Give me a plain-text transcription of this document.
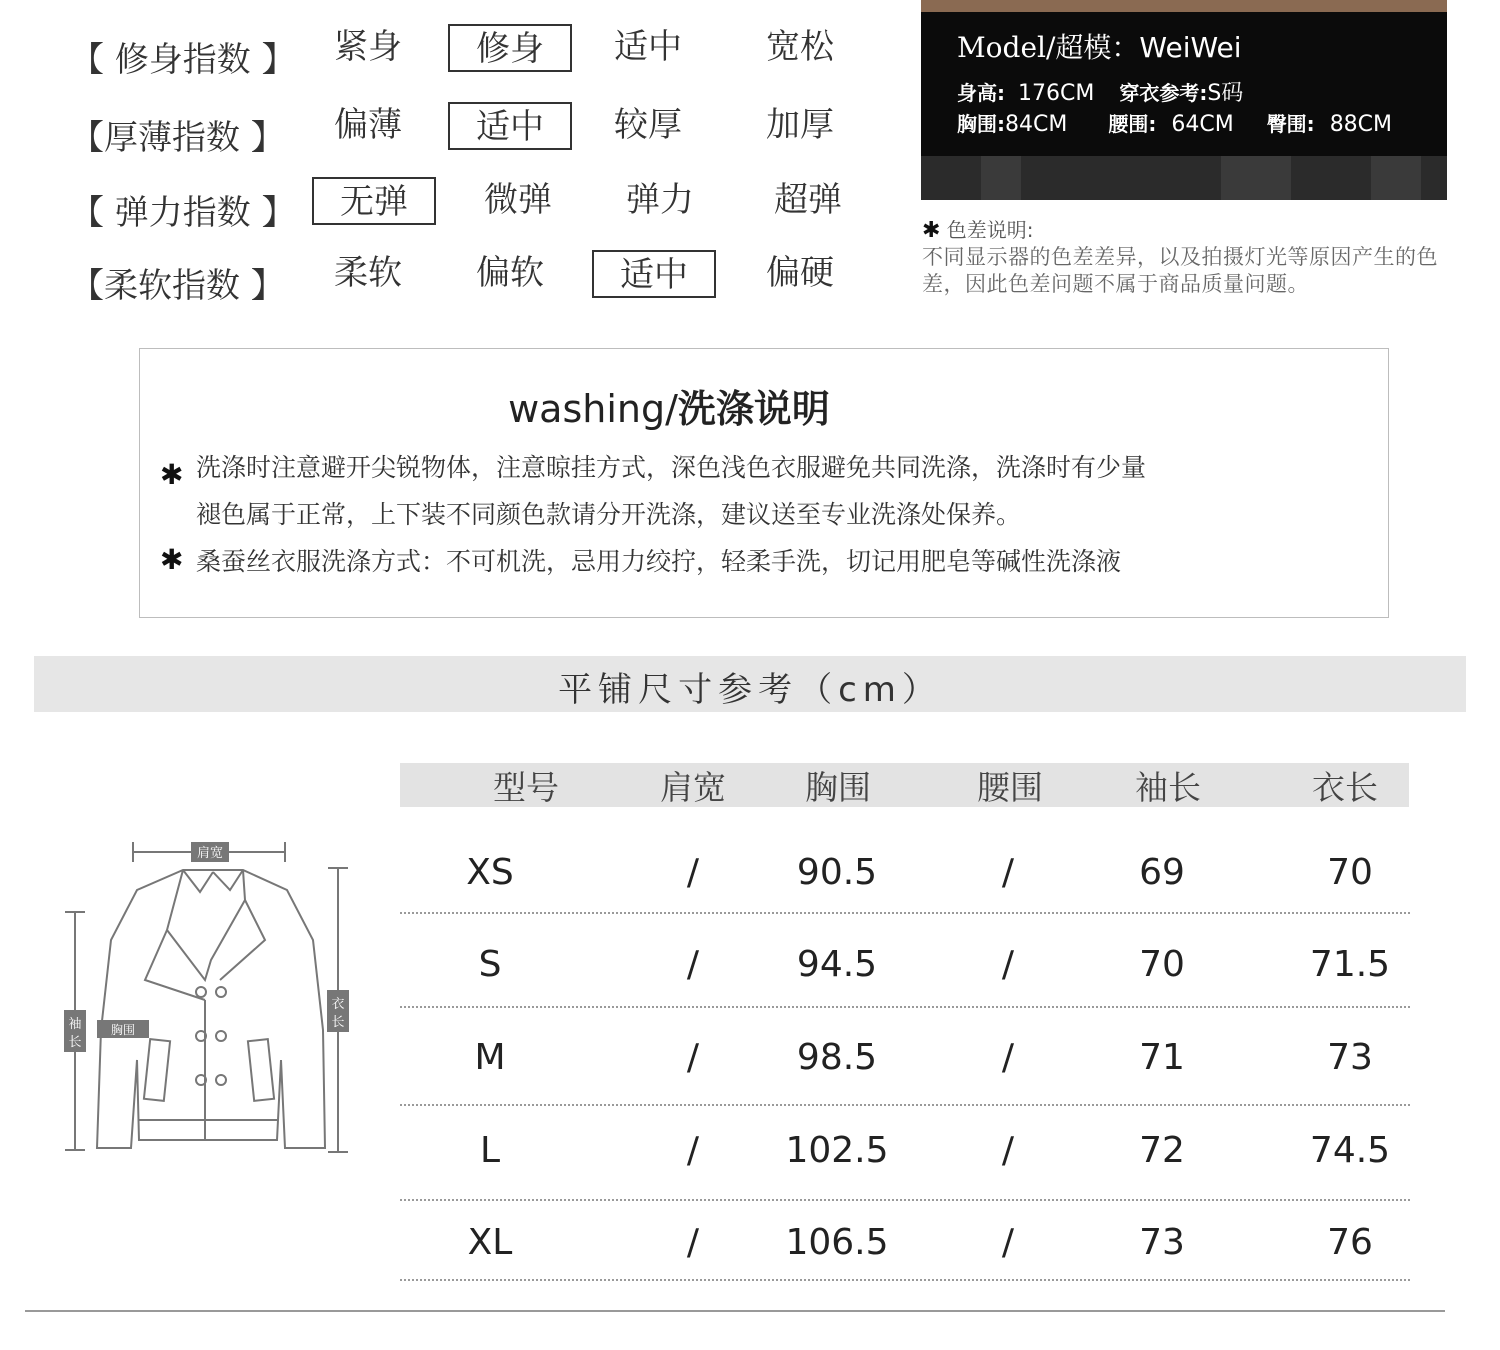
【 修身指数 】	紧身	修身	适中	宽松
【厚薄指数 】	偏薄	适中	较厚	加厚
【 弹力指数 】	无弹	微弹	弹力	超弹
【柔软指数 】	柔软	偏软	适中	偏硬
Model/超模：WeiWei
身高: 176CM 穿衣参考:S码
胸围:84CM 腰围: 64CM 臀围: 88CM
✱ 色差说明:
不同显示器的色差差异，以及拍摄灯光等原因产生的色差，因此色差问题不属于商品质量问题。
washing/洗涤说明
✱ 洗涤时注意避开尖锐物体，注意晾挂方式，深色浅色衣服避免共同洗涤，洗涤时有少量
褪色属于正常，上下装不同颜色款请分开洗涤，建议送至专业洗涤处保养。
✱ 桑蚕丝衣服洗涤方式：不可机洗，忌用力绞拧，轻柔手洗，切记用肥皂等碱性洗涤液
平铺尺寸参考（cm）
型号	肩宽	胸围	腰围	袖长	衣长
XS	/	90.5	/	69	70
S	/	94.5	/	70	71.5
M	/	98.5	/	71	73
L	/	102.5	/	72	74.5
XL	/	106.5	/	73	76
肩宽
衣
长
袖
长
胸围
